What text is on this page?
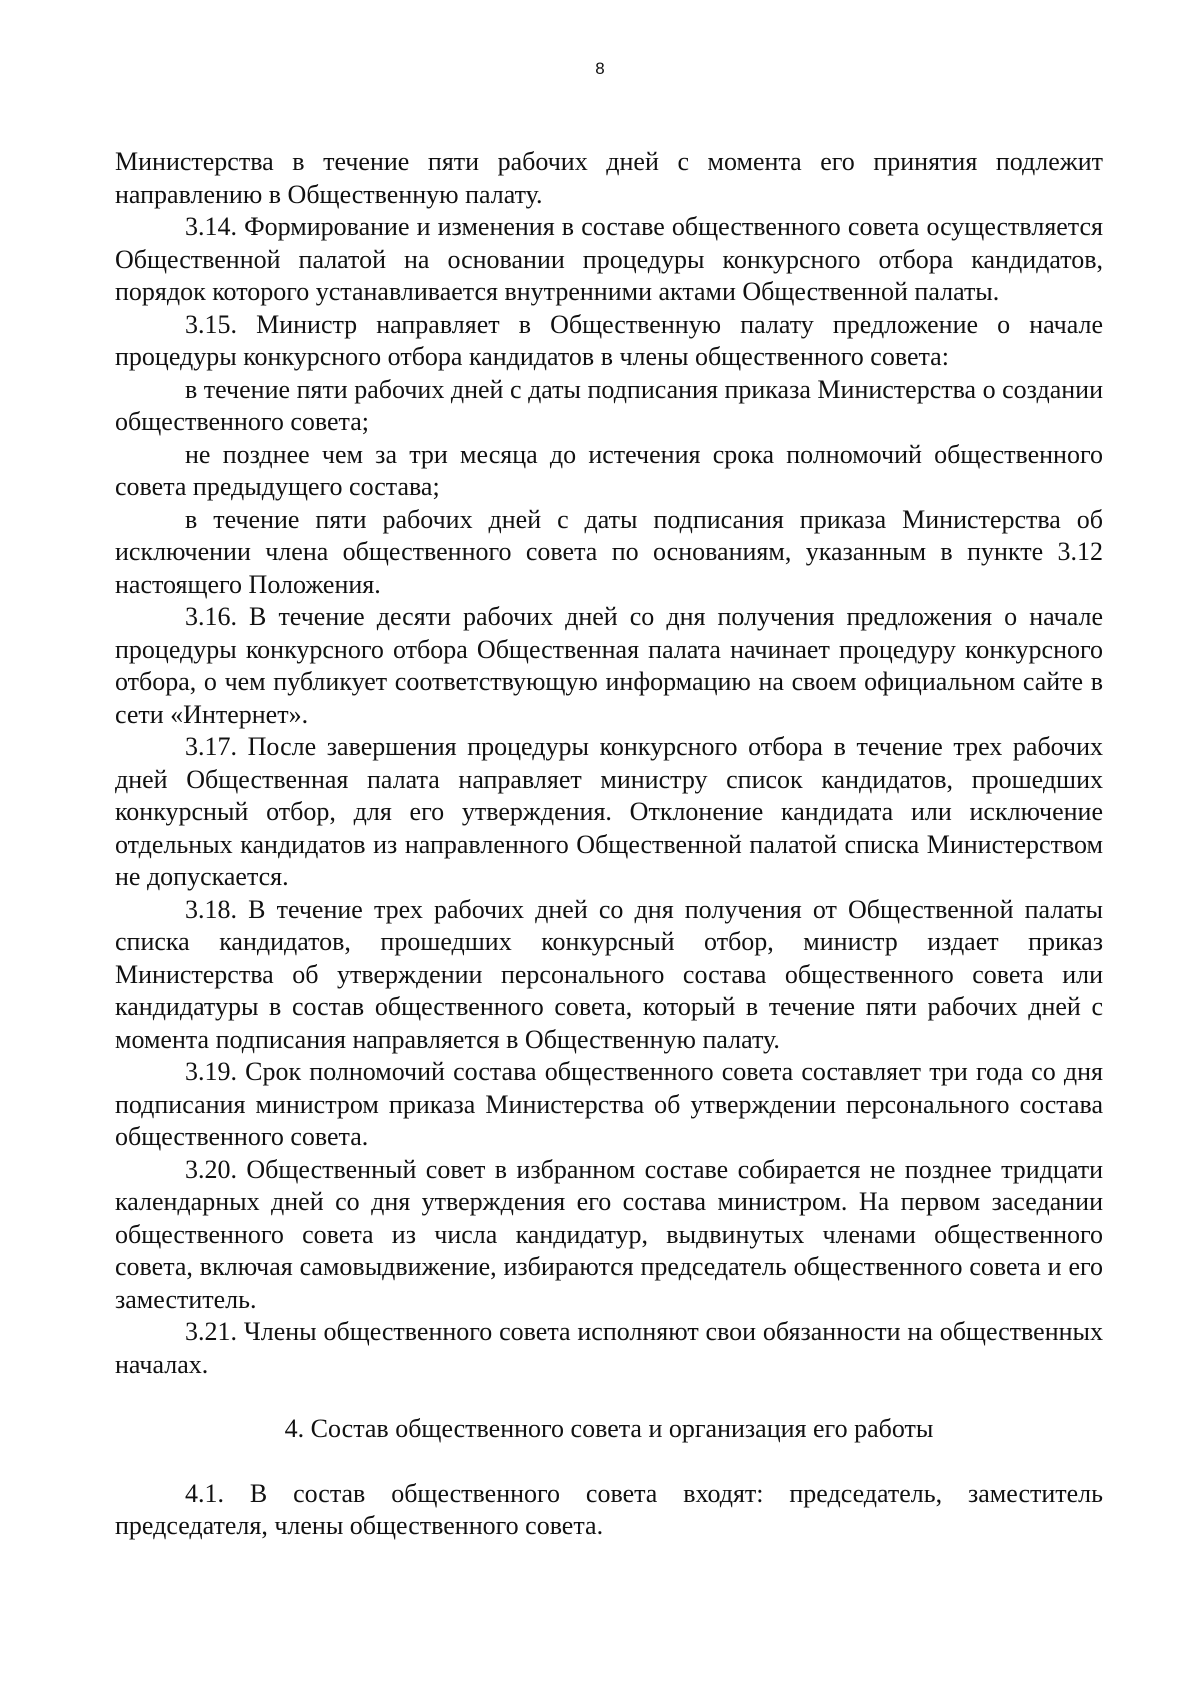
8

Министерства в течение пяти рабочих дней с момента его принятия подлежит направлению в Общественную палату.

3.14. Формирование и изменения в составе общественного совета осуществляется Общественной палатой на основании процедуры конкурсного отбора кандидатов, порядок которого устанавливается внутренними актами Общественной палаты.

3.15. Министр направляет в Общественную палату предложение о начале процедуры конкурсного отбора кандидатов в члены общественного совета:

в течение пяти рабочих дней с даты подписания приказа Министерства о создании общественного совета;

не позднее чем за три месяца до истечения срока полномочий общественного совета предыдущего состава;

в течение пяти рабочих дней с даты подписания приказа Министерства об исключении члена общественного совета по основаниям, указанным в пункте 3.12 настоящего Положения.

3.16. В течение десяти рабочих дней со дня получения предложения о начале процедуры конкурсного отбора Общественная палата начинает процедуру конкурсного отбора, о чем публикует соответствующую информацию на своем официальном сайте в сети «Интернет».

3.17. После завершения процедуры конкурсного отбора в течение трех рабочих дней Общественная палата направляет министру список кандидатов, прошедших конкурсный отбор, для его утверждения. Отклонение кандидата или исключение отдельных кандидатов из направленного Общественной палатой списка Министерством не допускается.

3.18. В течение трех рабочих дней со дня получения от Общественной палаты списка кандидатов, прошедших конкурсный отбор, министр издает приказ Министерства об утверждении персонального состава общественного совета или кандидатуры в состав общественного совета, который в течение пяти рабочих дней с момента подписания направляется в Общественную палату.

3.19. Срок полномочий состава общественного совета составляет три года со дня подписания министром приказа Министерства об утверждении персонального состава общественного совета.

3.20. Общественный совет в избранном составе собирается не позднее тридцати календарных дней со дня утверждения его состава министром. На первом заседании общественного совета из числа кандидатур, выдвинутых членами общественного совета, включая самовыдвижение, избираются председатель общественного совета и его заместитель.

3.21. Члены общественного совета исполняют свои обязанности на общественных началах.

4. Состав общественного совета и организация его работы

4.1. В состав общественного совета входят: председатель, заместитель председателя, члены общественного совета.
